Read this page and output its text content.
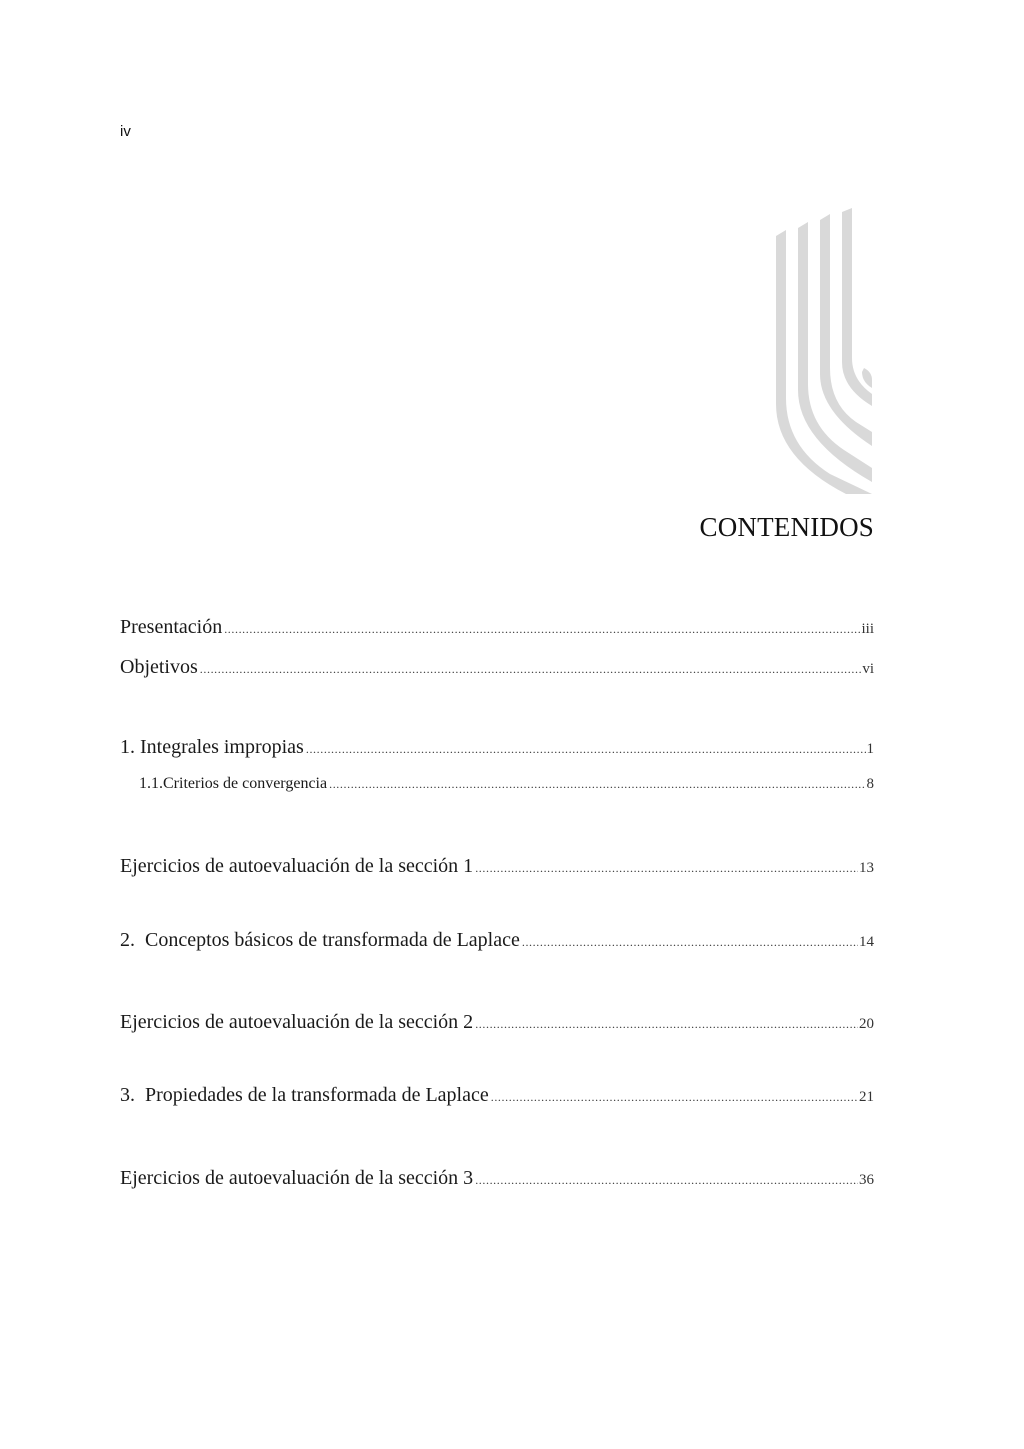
iv
CONTENIDOS
Presentación .....	iii
Objetivos .....	vi
1. Integrales impropias .....	1
1.1.Criterios de convergencia .....	8
Ejercicios de autoevaluación de la sección 1 .....	13
2.  Conceptos básicos de transformada de Laplace .....	14
Ejercicios de autoevaluación de la sección 2 .....	20
3.  Propiedades de la transformada de Laplace .....	21
Ejercicios de autoevaluación de la sección 3 .....	36
